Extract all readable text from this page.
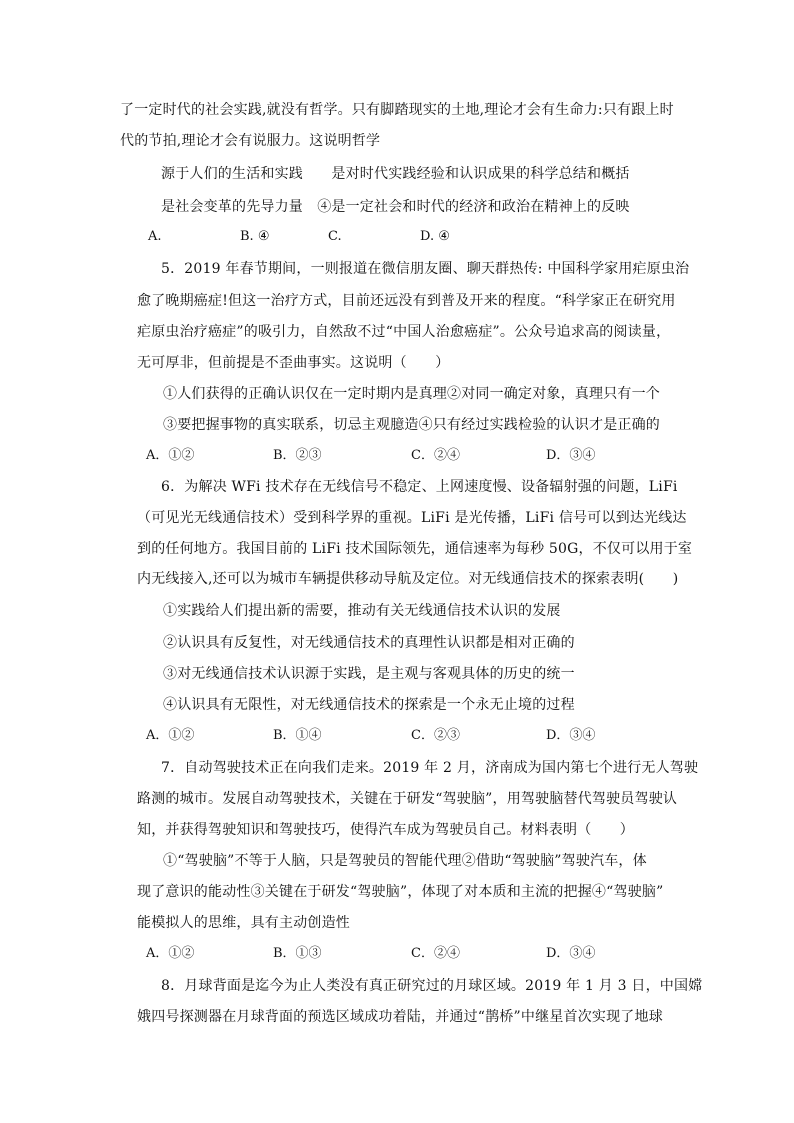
了一定时代的社会实践,就没有哲学。只有脚踏现实的土地,理论才会有生命力:只有跟上时
代的节拍,理论才会有说服力。这说明哲学
源于人们的生活和实践　　是对时代实践经验和认识成果的科学总结和概括
是社会变革的先导力量　④是一定社会和时代的经济和政治在精神上的反映
A.	B. ④	C.	D. ④
5．2019 年春节期间，一则报道在微信朋友圈、聊天群热传: 中国科学家用疟原虫治
愈了晚期癌症!但这一治疗方式，目前还远没有到普及开来的程度。“科学家正在研究用
疟原虫治疗癌症”的吸引力，自然敌不过“中国人治愈癌症”。公众号追求高的阅读量，
无可厚非，但前提是不歪曲事实。这说明（　　）
①人们获得的正确认识仅在一定时期内是真理②对同一确定对象，真理只有一个
③要把握事物的真实联系，切忌主观臆造④只有经过实践检验的认识才是正确的
A．①②	B．②③	C．②④	D．③④
6．为解决 WFi 技术存在无线信号不稳定、上网速度慢、设备辐射强的问题，LiFi
（可见光无线通信技术）受到科学界的重视。LiFi 是光传播，LiFi 信号可以到达光线达
到的任何地方。我国目前的 LiFi 技术国际领先，通信速率为每秒 50G，不仅可以用于室
内无线接入,还可以为城市车辆提供移动导航及定位。对无线通信技术的探索表明(　　)
①实践给人们提出新的需要，推动有关无线通信技术认识的发展
②认识具有反复性，对无线通信技术的真理性认识都是相对正确的
③对无线通信技术认识源于实践，是主观与客观具体的历史的统一
④认识具有无限性，对无线通信技术的探索是一个永无止境的过程
A．①②	B．①④	C．②③	D．③④
7．自动驾驶技术正在向我们走来。2019 年 2 月，济南成为国内第七个进行无人驾驶
路测的城市。发展自动驾驶技术，关键在于研发“驾驶脑”，用驾驶脑替代驾驶员驾驶认
知，并获得驾驶知识和驾驶技巧，使得汽车成为驾驶员自己。材料表明（　　）
①“驾驶脑”不等于人脑，只是驾驶员的智能代理②借助“驾驶脑”驾驶汽车，体
现了意识的能动性③关键在于研发“驾驶脑”，体现了对本质和主流的把握④“驾驶脑”
能模拟人的思维，具有主动创造性
A．①②	B．①③	C．②④	D．③④
8．月球背面是迄今为止人类没有真正研究过的月球区域。2019 年 1 月 3 日，中国嫦
娥四号探测器在月球背面的预选区域成功着陆，并通过“鹊桥”中继星首次实现了地球
